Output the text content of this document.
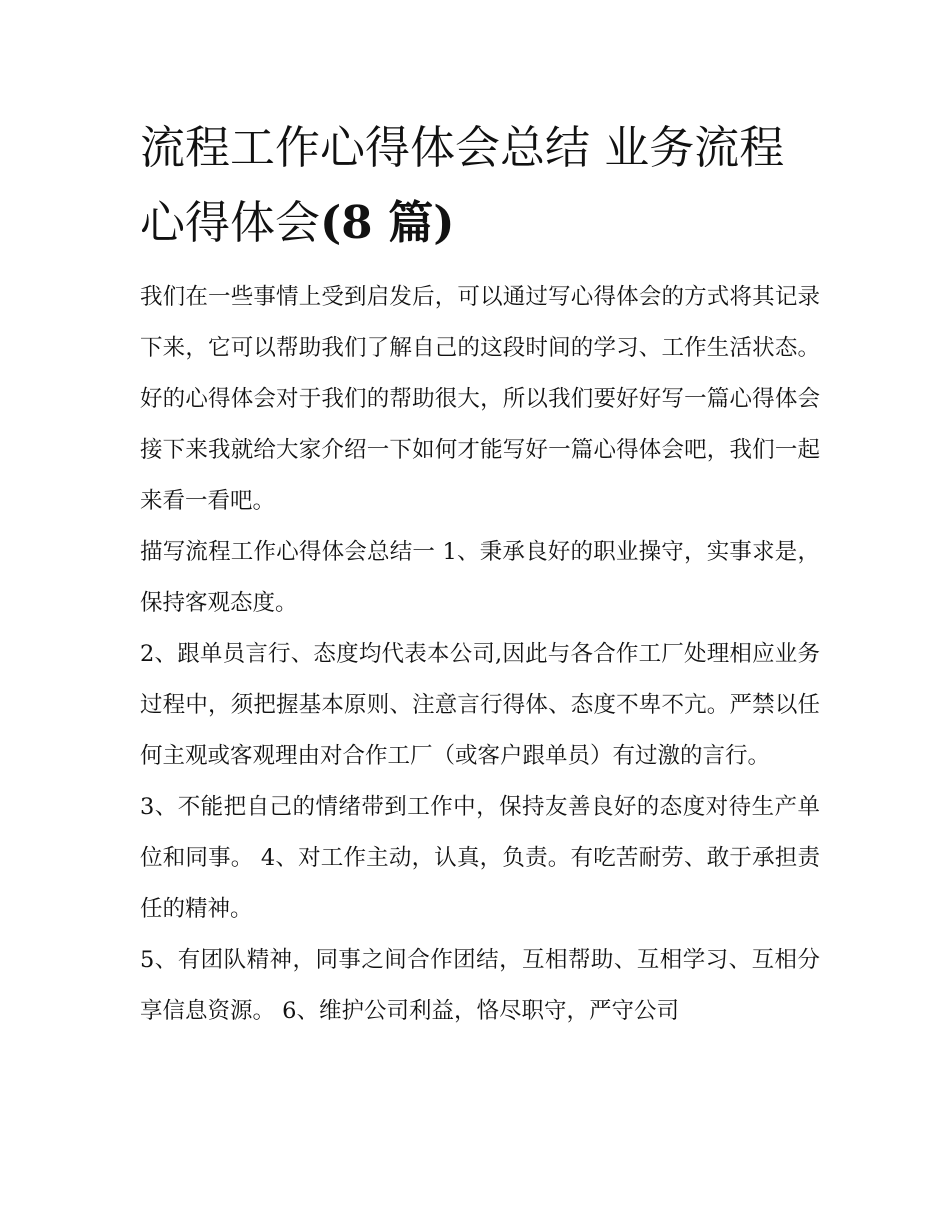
流程工作心得体会总结 业务流程心得体会(8 篇)

我们在一些事情上受到启发后，可以通过写心得体会的方式将其记录下来，它可以帮助我们了解自己的这段时间的学习、工作生活状态。好的心得体会对于我们的帮助很大，所以我们要好好写一篇心得体会接下来我就给大家介绍一下如何才能写好一篇心得体会吧，我们一起来看一看吧。

描写流程工作心得体会总结一 1、秉承良好的职业操守，实事求是，保持客观态度。

2、跟单员言行、态度均代表本公司,因此与各合作工厂处理相应业务过程中，须把握基本原则、注意言行得体、态度不卑不亢。严禁以任何主观或客观理由对合作工厂（或客户跟单员）有过激的言行。

3、不能把自己的情绪带到工作中，保持友善良好的态度对待生产单位和同事。 4、对工作主动，认真，负责。有吃苦耐劳、敢于承担责任的精神。

5、有团队精神，同事之间合作团结，互相帮助、互相学习、互相分享信息资源。 6、维护公司利益，恪尽职守，严守公司
